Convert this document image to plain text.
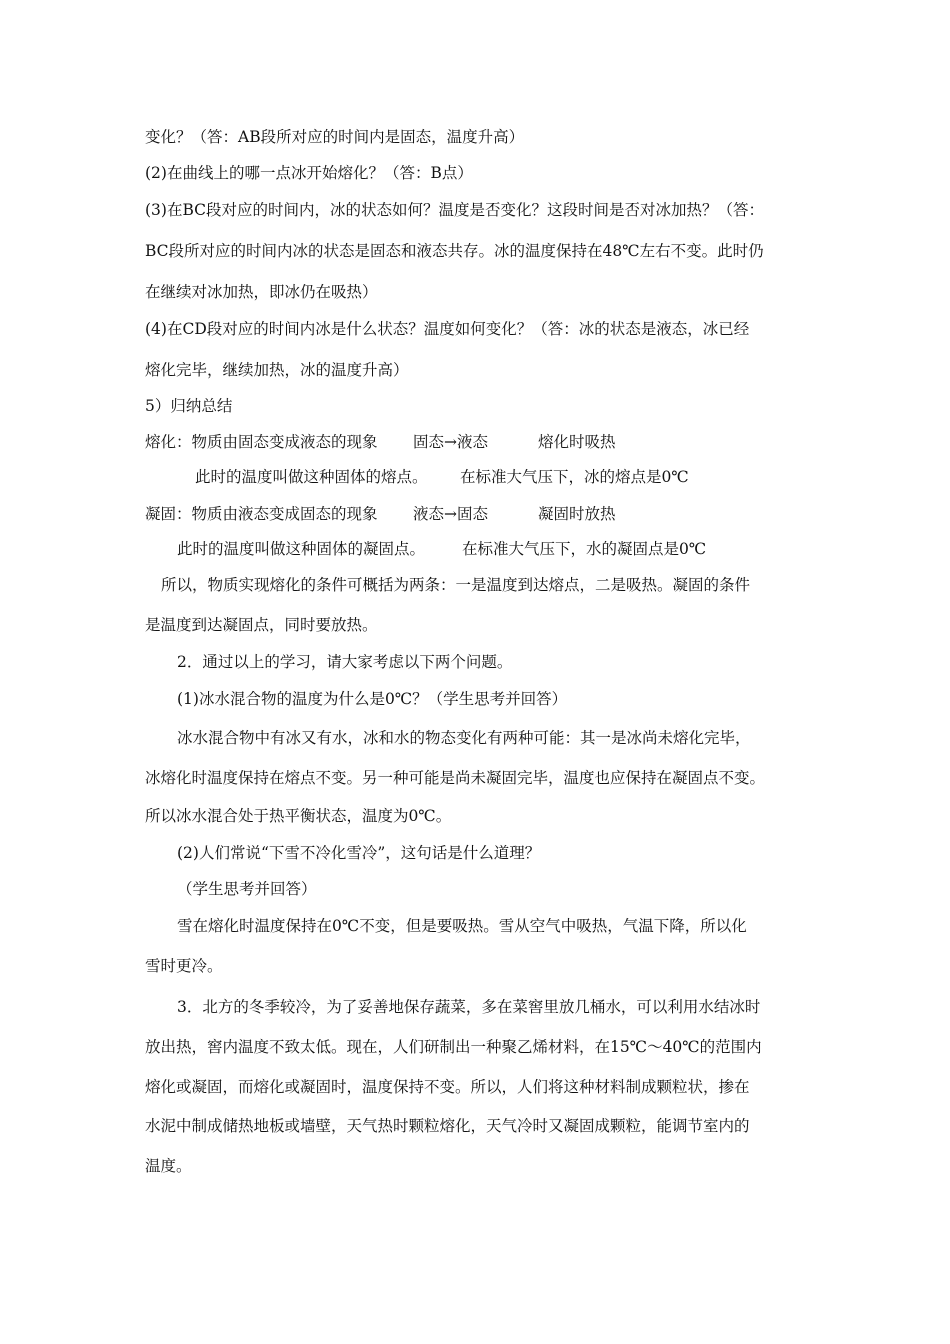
变化？（答：AB段所对应的时间内是固态，温度升高）
(2)在曲线上的哪一点冰开始熔化？（答：B点）
(3)在BC段对应的时间内，冰的状态如何？温度是否变化？这段时间是否对冰加热？（答：
BC段所对应的时间内冰的状态是固态和液态共存。冰的温度保持在48℃左右不变。此时仍
在继续对冰加热，即冰仍在吸热）
(4)在CD段对应的时间内冰是什么状态？温度如何变化？（答：冰的状态是液态，冰已经
熔化完毕，继续加热，冰的温度升高）
5）归纳总结
熔化：物质由固态变成液态的现象 固态→液态	熔化时吸热
此时的温度叫做这种固体的熔点。 在标准大气压下，冰的熔点是0℃
凝固：物质由液态变成固态的现象 液态→固态	凝固时放热
此时的温度叫做这种固体的凝固点。 在标准大气压下，水的凝固点是0℃
所以，物质实现熔化的条件可概括为两条：一是温度到达熔点，二是吸热。凝固的条件
是温度到达凝固点，同时要放热。
2．通过以上的学习，请大家考虑以下两个问题。
(1)冰水混合物的温度为什么是0℃？（学生思考并回答）
冰水混合物中有冰又有水，冰和水的物态变化有两种可能：其一是冰尚未熔化完毕，
冰熔化时温度保持在熔点不变。另一种可能是尚未凝固完毕，温度也应保持在凝固点不变。
所以冰水混合处于热平衡状态，温度为0℃。
(2)人们常说“下雪不冷化雪冷”，这句话是什么道理？
（学生思考并回答）
雪在熔化时温度保持在0℃不变，但是要吸热。雪从空气中吸热，气温下降，所以化
雪时更冷。
3．北方的冬季较冷，为了妥善地保存蔬菜，多在菜窖里放几桶水，可以利用水结冰时
放出热，窖内温度不致太低。现在，人们研制出一种聚乙烯材料，在15℃～40℃的范围内
熔化或凝固，而熔化或凝固时，温度保持不变。所以，人们将这种材料制成颗粒状，掺在
水泥中制成储热地板或墙壁，天气热时颗粒熔化，天气冷时又凝固成颗粒，能调节室内的
温度。
